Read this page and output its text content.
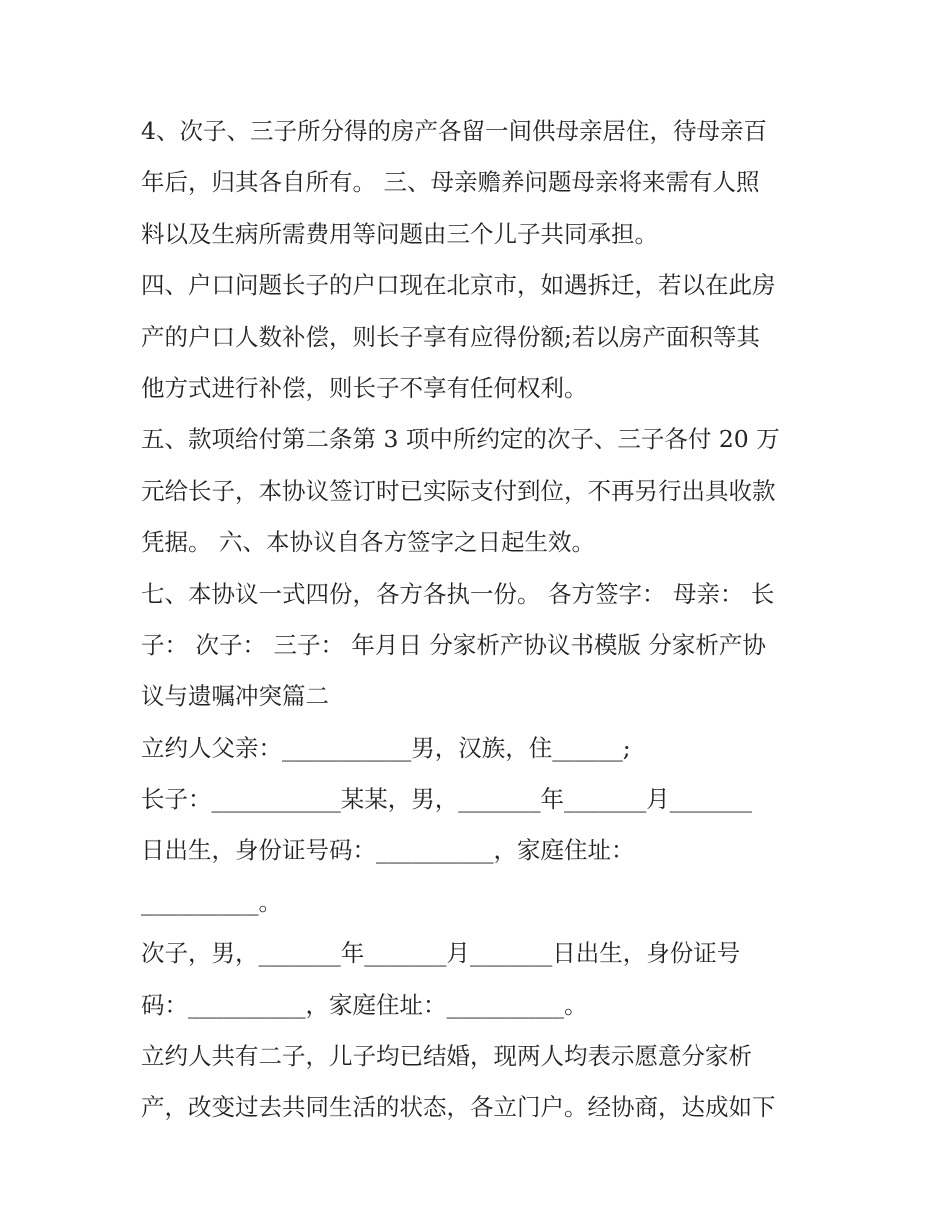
4、次子、三子所分得的房产各留一间供母亲居住，待母亲百
年后，归其各自所有。 三、母亲赡养问题母亲将来需有人照
料以及生病所需费用等问题由三个儿子共同承担。
四、户口问题长子的户口现在北京市，如遇拆迁，若以在此房
产的户口人数补偿，则长子享有应得份额;若以房产面积等其
他方式进行补偿，则长子不享有任何权利。
五、款项给付第二条第 3 项中所约定的次子、三子各付 20 万
元给长子，本协议签订时已实际支付到位，不再另行出具收款
凭据。 六、本协议自各方签字之日起生效。
七、本协议一式四份，各方各执一份。 各方签字： 母亲： 长
子： 次子： 三子： 年月日 分家析产协议书模版 分家析产协
议与遗嘱冲突篇二
立约人父亲：___________男，汉族，住______;
长子：___________某某，男，_______年_______月_______
日出生，身份证号码：__________，家庭住址：
__________。
次子，男，_______年_______月_______日出生，身份证号
码：__________，家庭住址：__________。
立约人共有二子，儿子均已结婚，现两人均表示愿意分家析
产，改变过去共同生活的状态，各立门户。经协商，达成如下
